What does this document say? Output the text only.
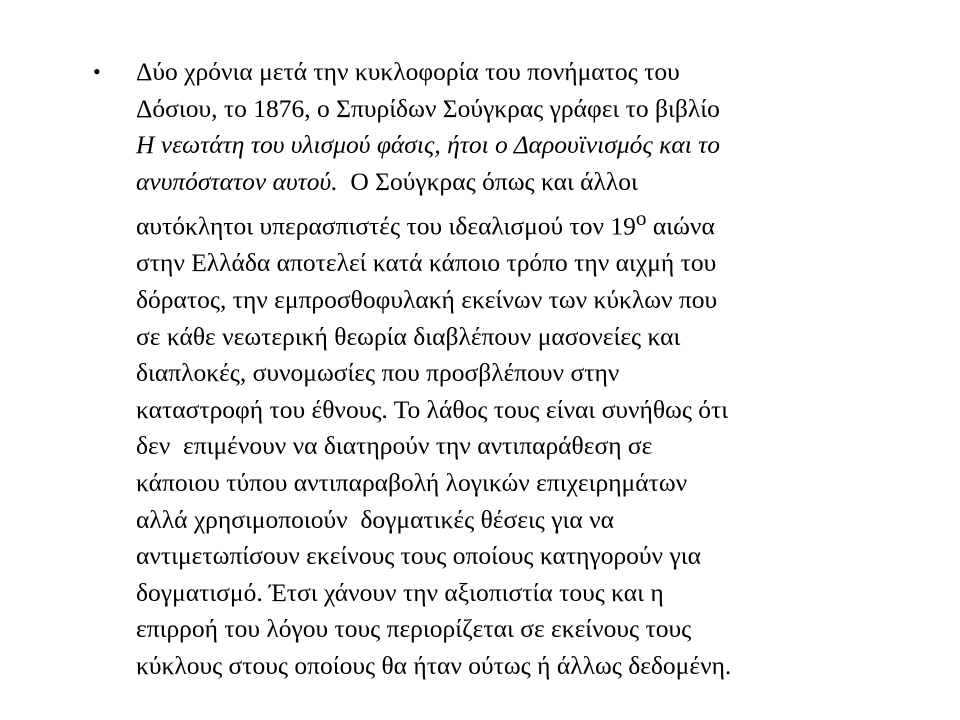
• Δύο χρόνια μετά την κυκλοφορία του πονήματος του
Δόσιου, το 1876, ο Σπυρίδων Σούγκρας γράφει το βιβλίο
Η νεωτάτη του υλισμού φάσις, ήτοι ο Δαρουϊνισμός και το
ανυπόστατον αυτού.  Ο Σούγκρας όπως και άλλοι
αυτόκλητοι υπερασπιστές του ιδεαλισμού τον $19^o$ αιώνα
στην Ελλάδα αποτελεί κατά κάποιο τρόπο την αιχμή του
δόρατος, την εμπροσθοφυλακή εκείνων των κύκλων που
σε κάθε νεωτερική θεωρία διαβλέπουν μασονείες και
διαπλοκές, συνομωσίες που προσβλέπουν στην
καταστροφή του έθνους. Το λάθος τους είναι συνήθως ότι
δεν  επιμένουν να διατηρούν την αντιπαράθεση σε
κάποιου τύπου αντιπαραβολή λογικών επιχειρημάτων
αλλά χρησιμοποιούν  δογματικές θέσεις για να
αντιμετωπίσουν εκείνους τους οποίους κατηγορούν για
δογματισμό. Έτσι χάνουν την αξιοπιστία τους και η
επιρροή του λόγου τους περιορίζεται σε εκείνους τους
κύκλους στους οποίους θα ήταν ούτως ή άλλως δεδομένη.
